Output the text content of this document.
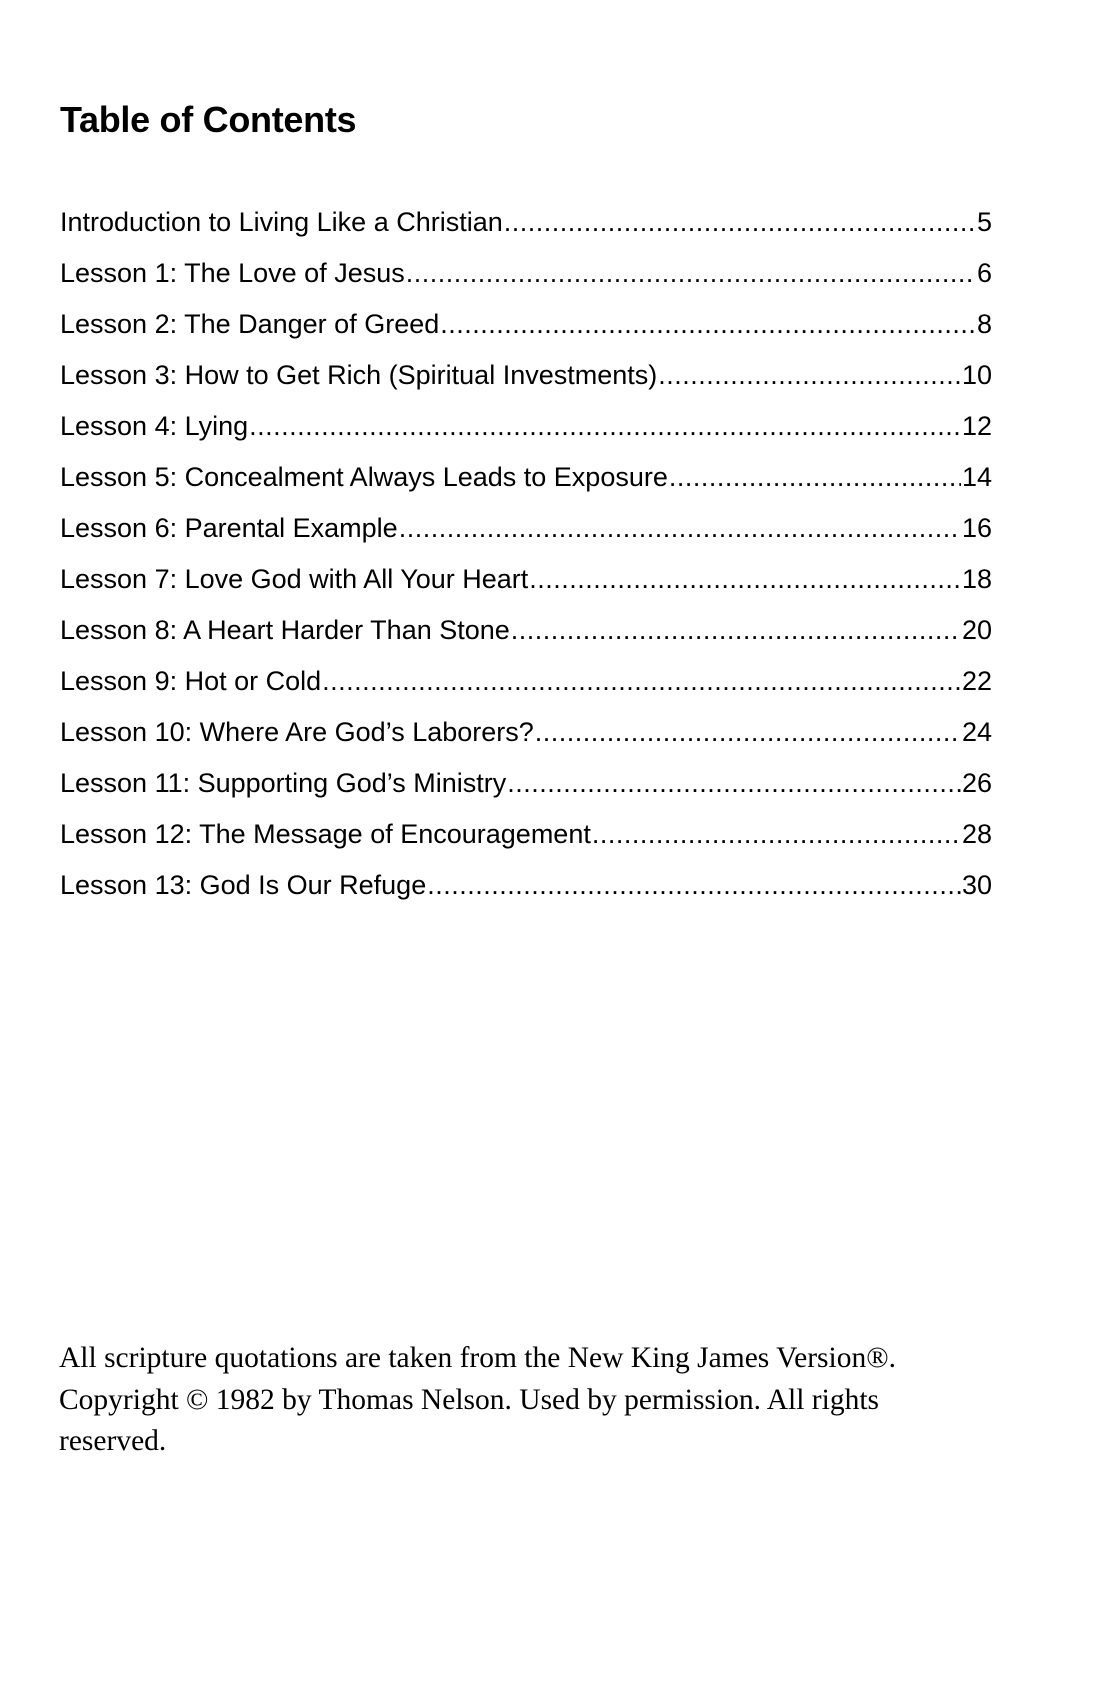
Table of Contents
Introduction to Living Like a Christian .....	5
Lesson 1: The Love of Jesus .....	6
Lesson 2: The Danger of Greed .....	8
Lesson 3: How to Get Rich (Spiritual Investments) .....	10
Lesson 4: Lying .....	12
Lesson 5: Concealment Always Leads to Exposure .....	14
Lesson 6: Parental Example .....	16
Lesson 7: Love God with All Your Heart .....	18
Lesson 8: A Heart Harder Than Stone .....	20
Lesson 9: Hot or Cold .....	22
Lesson 10: Where Are God’s Laborers? .....	24
Lesson 11: Supporting God’s Ministry .....	26
Lesson 12: The Message of Encouragement .....	28
Lesson 13: God Is Our Refuge .....	30

All scripture quotations are taken from the New King James Version®. Copyright © 1982 by Thomas Nelson. Used by permission. All rights reserved.
